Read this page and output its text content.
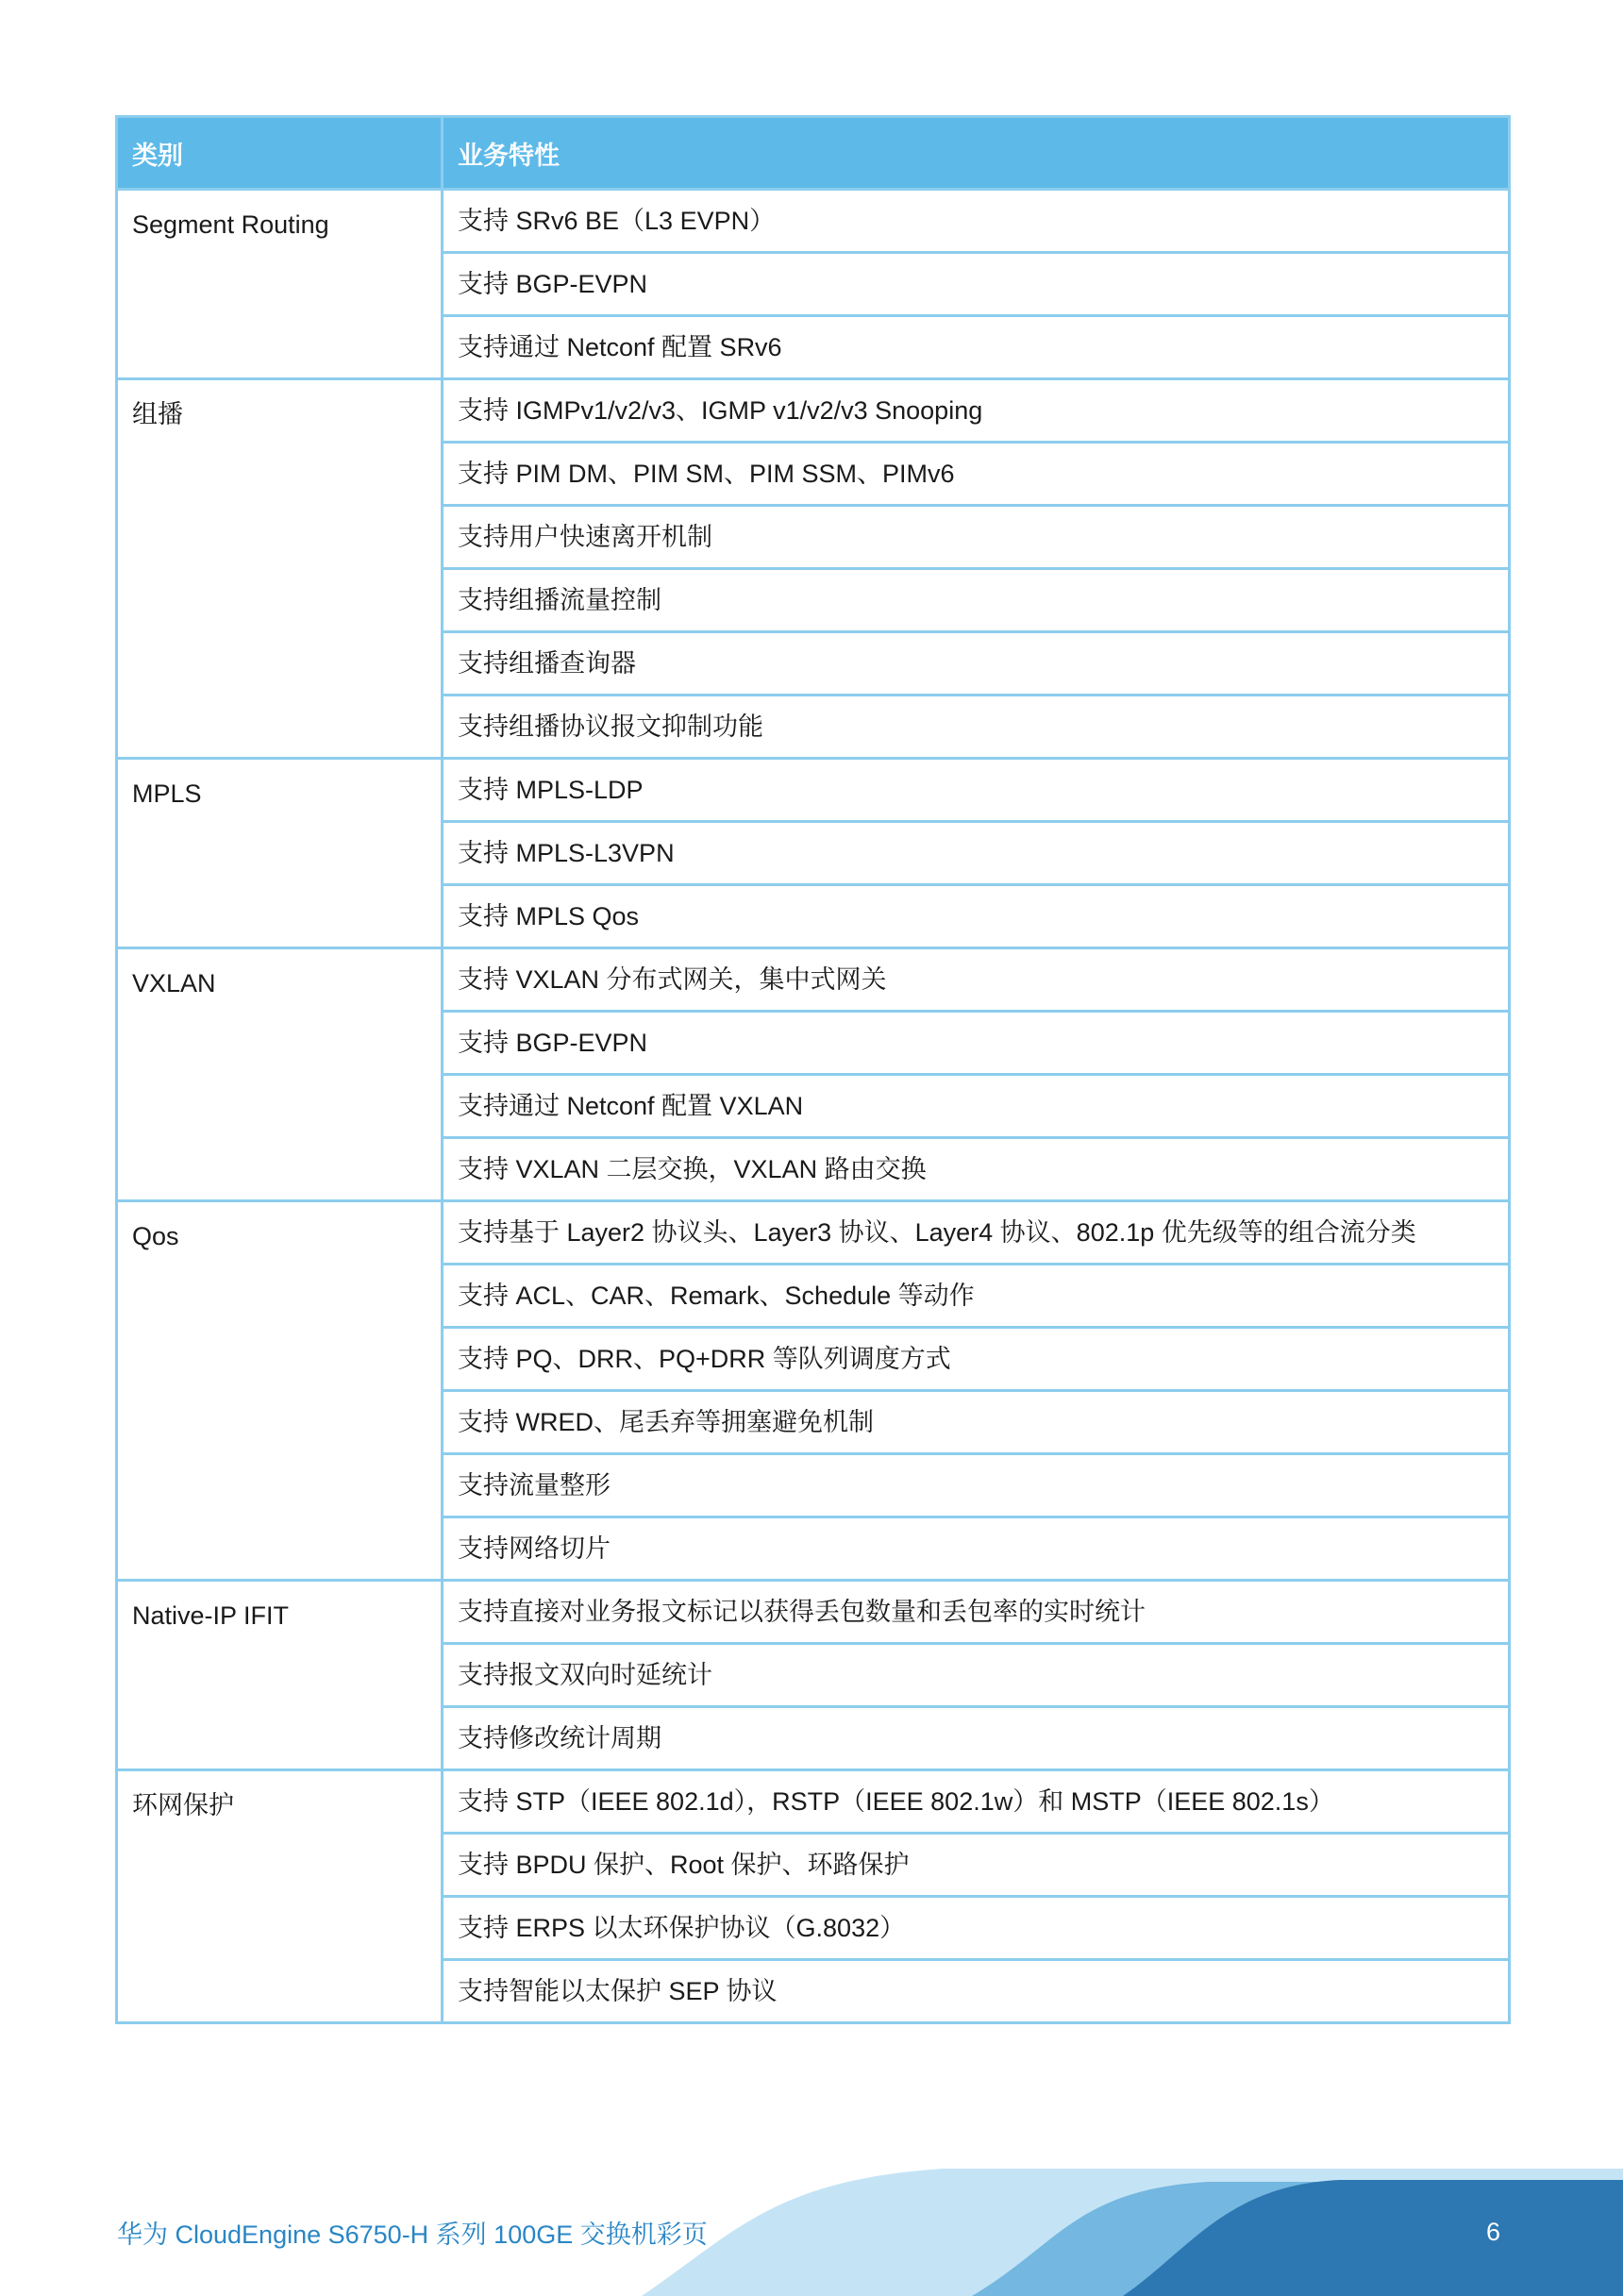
类别	业务特性
Segment Routing	支持 SRv6 BE（L3 EVPN）
	支持 BGP-EVPN
	支持通过 Netconf 配置 SRv6
组播	支持 IGMPv1/v2/v3、IGMP v1/v2/v3 Snooping
	支持 PIM DM、PIM SM、PIM SSM、PIMv6
	支持用户快速离开机制
	支持组播流量控制
	支持组播查询器
	支持组播协议报文抑制功能
MPLS	支持 MPLS-LDP
	支持 MPLS-L3VPN
	支持 MPLS Qos
VXLAN	支持 VXLAN 分布式网关，集中式网关
	支持 BGP-EVPN
	支持通过 Netconf 配置 VXLAN
	支持 VXLAN 二层交换，VXLAN 路由交换
Qos	支持基于 Layer2 协议头、Layer3 协议、Layer4 协议、802.1p 优先级等的组合流分类
	支持 ACL、CAR、Remark、Schedule 等动作
	支持 PQ、DRR、PQ+DRR 等队列调度方式
	支持 WRED、尾丢弃等拥塞避免机制
	支持流量整形
	支持网络切片
Native-IP IFIT	支持直接对业务报文标记以获得丢包数量和丢包率的实时统计
	支持报文双向时延统计
	支持修改统计周期
环网保护	支持 STP（IEEE 802.1d），RSTP（IEEE 802.1w）和 MSTP（IEEE 802.1s）
	支持 BPDU 保护、Root 保护、环路保护
	支持 ERPS 以太环保护协议（G.8032）
	支持智能以太保护 SEP 协议
华为 CloudEngine S6750-H 系列 100GE 交换机彩页	6
